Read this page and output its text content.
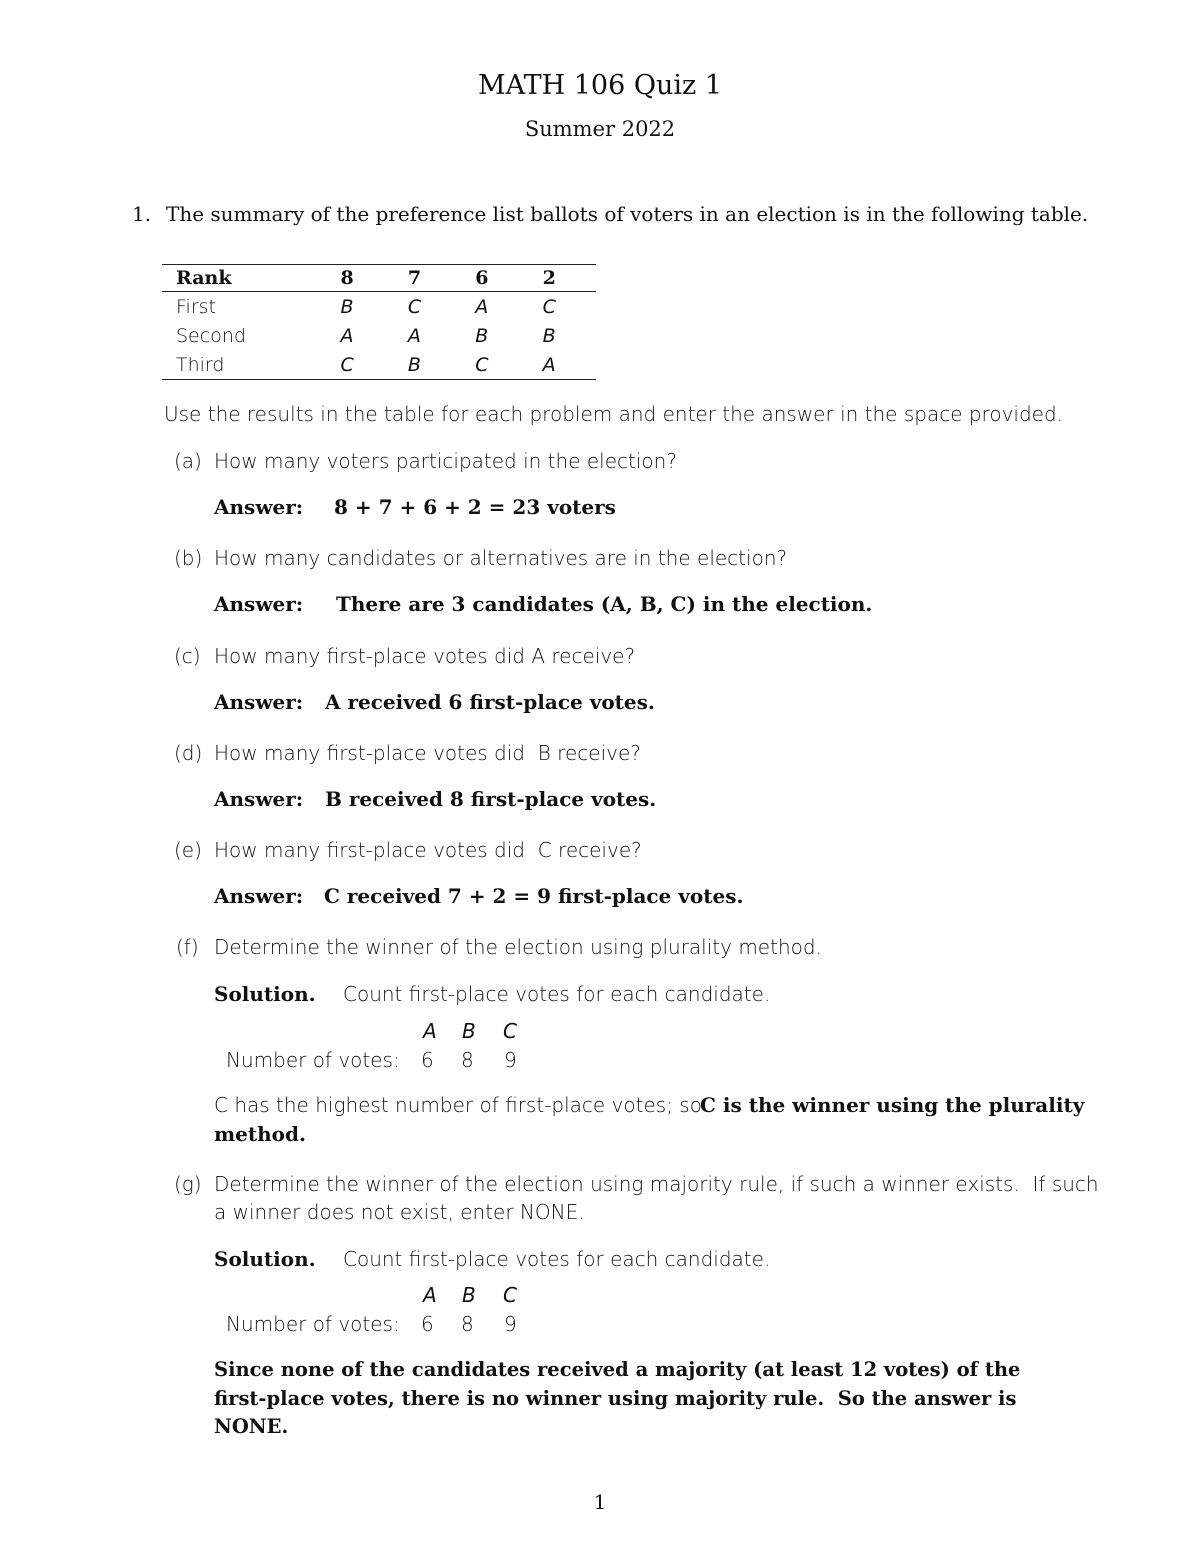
MATH 106 Quiz 1
Summer 2022
1. The summary of the preference list ballots of voters in an election is in the following table.
Rank	8	7	6	2
First	B	C	A	C
Second	A	A	B	B
Third	C	B	C	A
Use the results in the table for each problem and enter the answer in the space provided.
(a) How many voters participated in the election?
Answer: 8 + 7 + 6 + 2 = 23 voters
(b) How many candidates or alternatives are in the election?
Answer: There are 3 candidates (A, B, C) in the election.
(c) How many first-place votes did A receive?
Answer: A received 6 first-place votes.
(d) How many first-place votes did  B receive?
Answer: B received 8 first-place votes.
(e) How many first-place votes did  C receive?
Answer: C received 7 + 2 = 9 first-place votes.
(f) Determine the winner of the election using plurality method.
Solution. Count first-place votes for each candidate.
A B C
Number of votes: 6 8 9
C has the highest number of first-place votes; so
C is the winner using the plurality
method.
(g) Determine the winner of the election using majority rule, if such a winner exists.  If such
a winner does not exist, enter NONE.
Solution. Count first-place votes for each candidate.
A B C
Number of votes: 6 8 9
Since none of the candidates received a majority (at least 12 votes) of the
first-place votes, there is no winner using majority rule.  So the answer is
NONE.
1
